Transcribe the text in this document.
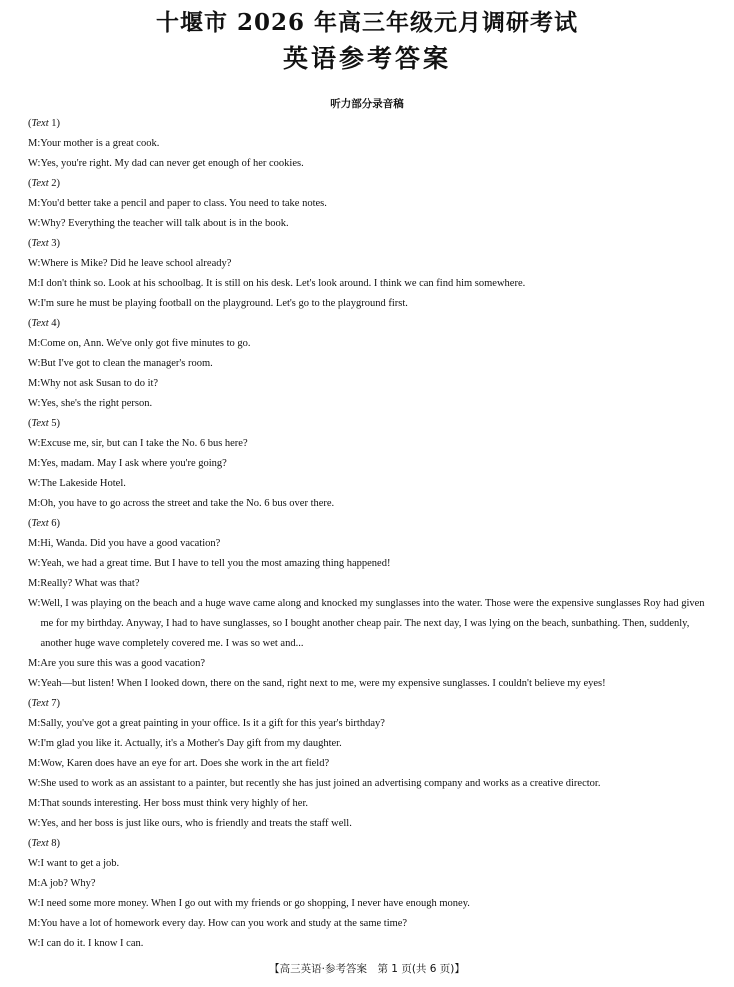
十堰市 2026 年高三年级元月调研考试
英语参考答案

听力部分录音稿

(Text 1)
M: Your mother is a great cook.
W: Yes, you're right. My dad can never get enough of her cookies.
(Text 2)
M: You'd better take a pencil and paper to class. You need to take notes.
W: Why? Everything the teacher will talk about is in the book.
(Text 3)
W: Where is Mike? Did he leave school already?
M: I don't think so. Look at his schoolbag. It is still on his desk. Let's look around. I think we can find him somewhere.
W: I'm sure he must be playing football on the playground. Let's go to the playground first.
(Text 4)
M: Come on, Ann. We've only got five minutes to go.
W: But I've got to clean the manager's room.
M: Why not ask Susan to do it?
W: Yes, she's the right person.
(Text 5)
W: Excuse me, sir, but can I take the No. 6 bus here?
M: Yes, madam. May I ask where you're going?
W: The Lakeside Hotel.
M: Oh, you have to go across the street and take the No. 6 bus over there.
(Text 6)
M: Hi, Wanda. Did you have a good vacation?
W: Yeah, we had a great time. But I have to tell you the most amazing thing happened!
M: Really? What was that?
W: Well, I was playing on the beach and a huge wave came along and knocked my sunglasses into the water. Those were the expensive sunglasses Roy had given me for my birthday. Anyway, I had to have sunglasses, so I bought another cheap pair. The next day, I was lying on the beach, sunbathing. Then, suddenly, another huge wave completely covered me. I was so wet and...
M: Are you sure this was a good vacation?
W: Yeah—but listen! When I looked down, there on the sand, right next to me, were my expensive sunglasses. I couldn't believe my eyes!
(Text 7)
M: Sally, you've got a great painting in your office. Is it a gift for this year's birthday?
W: I'm glad you like it. Actually, it's a Mother's Day gift from my daughter.
M: Wow, Karen does have an eye for art. Does she work in the art field?
W: She used to work as an assistant to a painter, but recently she has just joined an advertising company and works as a creative director.
M: That sounds interesting. Her boss must think very highly of her.
W: Yes, and her boss is just like ours, who is friendly and treats the staff well.
(Text 8)
W: I want to get a job.
M: A job? Why?
W: I need some more money. When I go out with my friends or go shopping, I never have enough money.
M: You have a lot of homework every day. How can you work and study at the same time?
W: I can do it. I know I can.

【高三英语·参考答案　第 1 页(共 6 页)】
